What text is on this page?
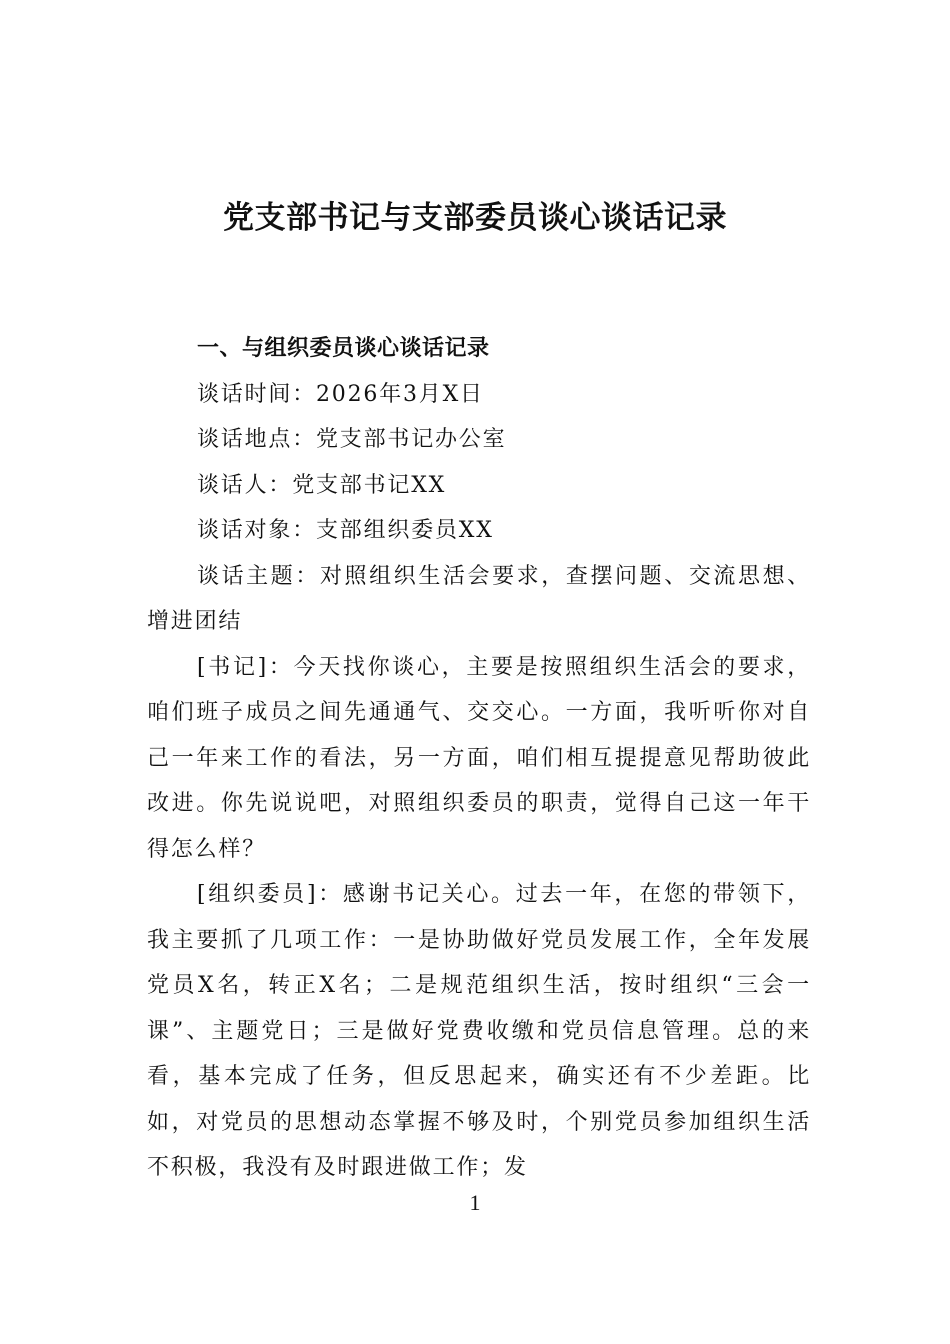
党支部书记与支部委员谈心谈话记录

一、与组织委员谈心谈话记录

谈话时间：2026年3月X日

谈话地点：党支部书记办公室

谈话人：党支部书记XX

谈话对象：支部组织委员XX

谈话主题：对照组织生活会要求，查摆问题、交流思想、增进团结

[书记]：今天找你谈心，主要是按照组织生活会的要求，咱们班子成员之间先通通气、交交心。一方面，我听听你对自己一年来工作的看法，另一方面，咱们相互提提意见帮助彼此改进。你先说说吧，对照组织委员的职责，觉得自己这一年干得怎么样？

[组织委员]：感谢书记关心。过去一年，在您的带领下，我主要抓了几项工作：一是协助做好党员发展工作，全年发展党员X名，转正X名；二是规范组织生活，按时组织“三会一课”、主题党日；三是做好党费收缴和党员信息管理。总的来看，基本完成了任务，但反思起来，确实还有不少差距。比如，对党员的思想动态掌握不够及时，个别党员参加组织生活不积极，我没有及时跟进做工作；发

1
